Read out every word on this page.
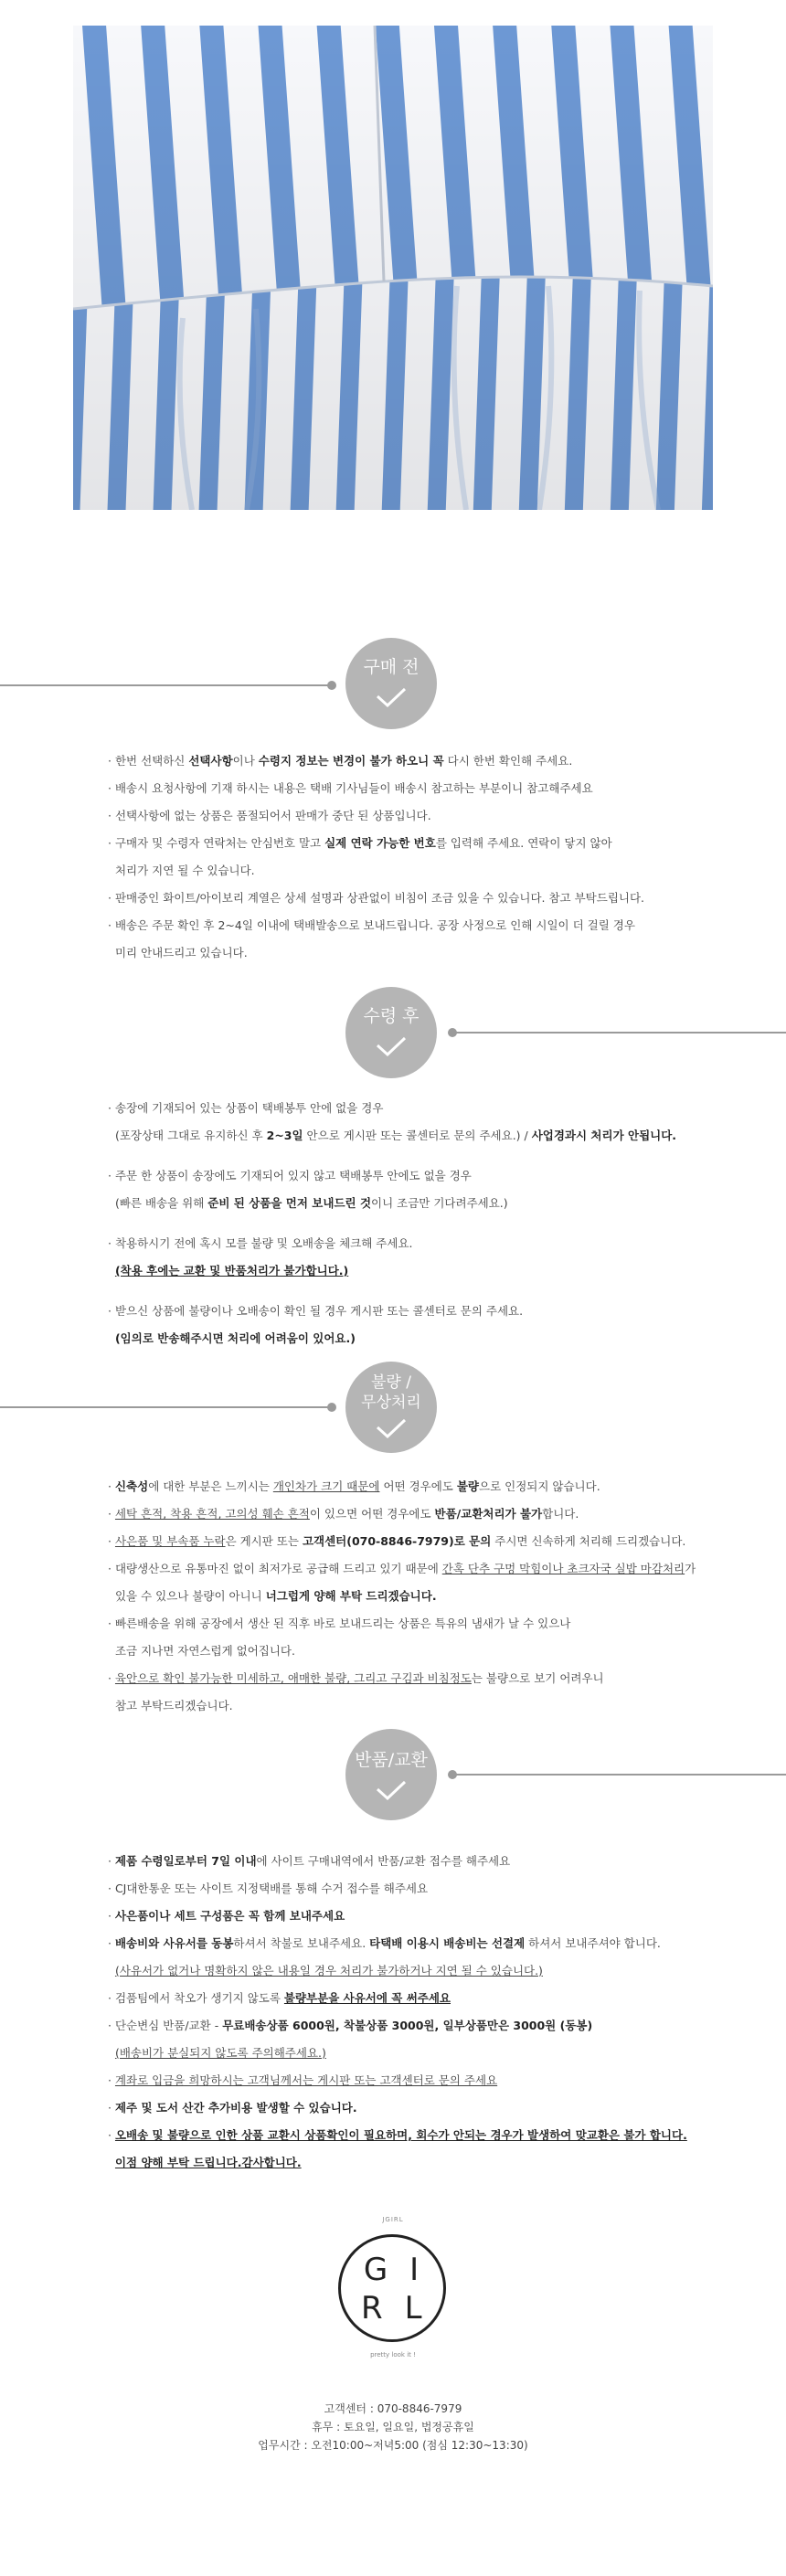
구매 전
· 한번 선택하신 선택사항이나 수령지 정보는 변경이 불가 하오니 꼭 다시 한번 확인해 주세요.
· 배송시 요청사항에 기재 하시는 내용은 택배 기사님들이 배송시 참고하는 부분이니 참고해주세요
· 선택사항에 없는 상품은 품절되어서 판매가 중단 된 상품입니다.
· 구매자 및 수령자 연락처는 안심번호 말고 실제 연락 가능한 번호를 입력해 주세요. 연락이 닿지 않아
처리가 지연 될 수 있습니다.
· 판매중인 화이트/아이보리 계열은 상세 설명과 상관없이 비침이 조금 있을 수 있습니다. 참고 부탁드립니다.
· 배송은 주문 확인 후 2~4일 이내에 택배발송으로 보내드립니다. 공장 사정으로 인해 시일이 더 걸릴 경우
미리 안내드리고 있습니다.
수령 후
· 송장에 기재되어 있는 상품이 택배봉투 안에 없을 경우
(포장상태 그대로 유지하신 후 2~3일 안으로 게시판 또는 콜센터로 문의 주세요.) / 사업경과시 처리가 안됩니다.
· 주문 한 상품이 송장에도 기재되어 있지 않고 택배봉투 안에도 없을 경우
(빠른 배송을 위해 준비 된 상품을 먼저 보내드린 것이니 조금만 기다려주세요.)
· 착용하시기 전에 혹시 모를 불량 및 오배송을 체크해 주세요.
(착용 후에는 교환 및 반품처리가 불가합니다.)
· 받으신 상품에 불량이나 오배송이 확인 될 경우 게시판 또는 콜센터로 문의 주세요.
(임의로 반송해주시면 처리에 어려움이 있어요.)
불량 /
무상처리
· 신축성에 대한 부분은 느끼시는 개인차가 크기 때문에 어떤 경우에도 불량으로 인정되지 않습니다.
· 세탁 흔적, 착용 흔적, 고의성 훼손 흔적이 있으면 어떤 경우에도 반품/교환처리가 불가합니다.
· 사은품 및 부속품 누락은 게시판 또는 고객센터(070-8846-7979)로 문의 주시면 신속하게 처리해 드리겠습니다.
· 대량생산으로 유통마진 없이 최저가로 공급해 드리고 있기 때문에 간혹 단추 구멍 막힘이나 초크자국 실밥 마감처리가
있을 수 있으나 불량이 아니니 너그럽게 양해 부탁 드리겠습니다.
· 빠른배송을 위해 공장에서 생산 된 직후 바로 보내드리는 상품은 특유의 냄새가 날 수 있으나
조금 지나면 자연스럽게 없어집니다.
· 육안으로 확인 불가능한 미세하고, 애매한 불량, 그리고 구김과 비침정도는 불량으로 보기 어려우니
참고 부탁드리겠습니다.
반품/교환
· 제품 수령일로부터 7일 이내에 사이트 구매내역에서 반품/교환 접수를 해주세요
· CJ대한통운 또는 사이트 지정택배를 통해 수거 접수를 해주세요
· 사은품이나 세트 구성품은 꼭 함께 보내주세요
· 배송비와 사유서를 동봉하셔서 착불로 보내주세요. 타택배 이용시 배송비는 선결제 하셔서 보내주셔야 합니다.
(사유서가 없거나 명확하지 않은 내용일 경우 처리가 불가하거나 지연 될 수 있습니다.)
· 검품팀에서 착오가 생기지 않도록 불량부분을 사유서에 꼭 써주세요
· 단순변심 반품/교환 - 무료배송상품 6000원, 착불상품 3000원, 일부상품만은 3000원 (동봉)
(배송비가 분실되지 않도록 주의해주세요.)
· 계좌로 입금을 희망하시는 고객님께서는 게시판 또는 고객센터로 문의 주세요
· 제주 및 도서 산간 추가비용 발생할 수 있습니다.
· 오배송 및 불량으로 인한 상품 교환시 상품확인이 필요하며, 회수가 안되는 경우가 발생하여 맞교환은 불가 합니다.
이점 양해 부탁 드립니다.감사합니다.
JGIRL
GI
RL
pretty look it !
고객센터 : 070-8846-7979
휴무 : 토요일, 일요일, 법정공휴일
업무시간 : 오전10:00~저녁5:00 (점심 12:30~13:30)
